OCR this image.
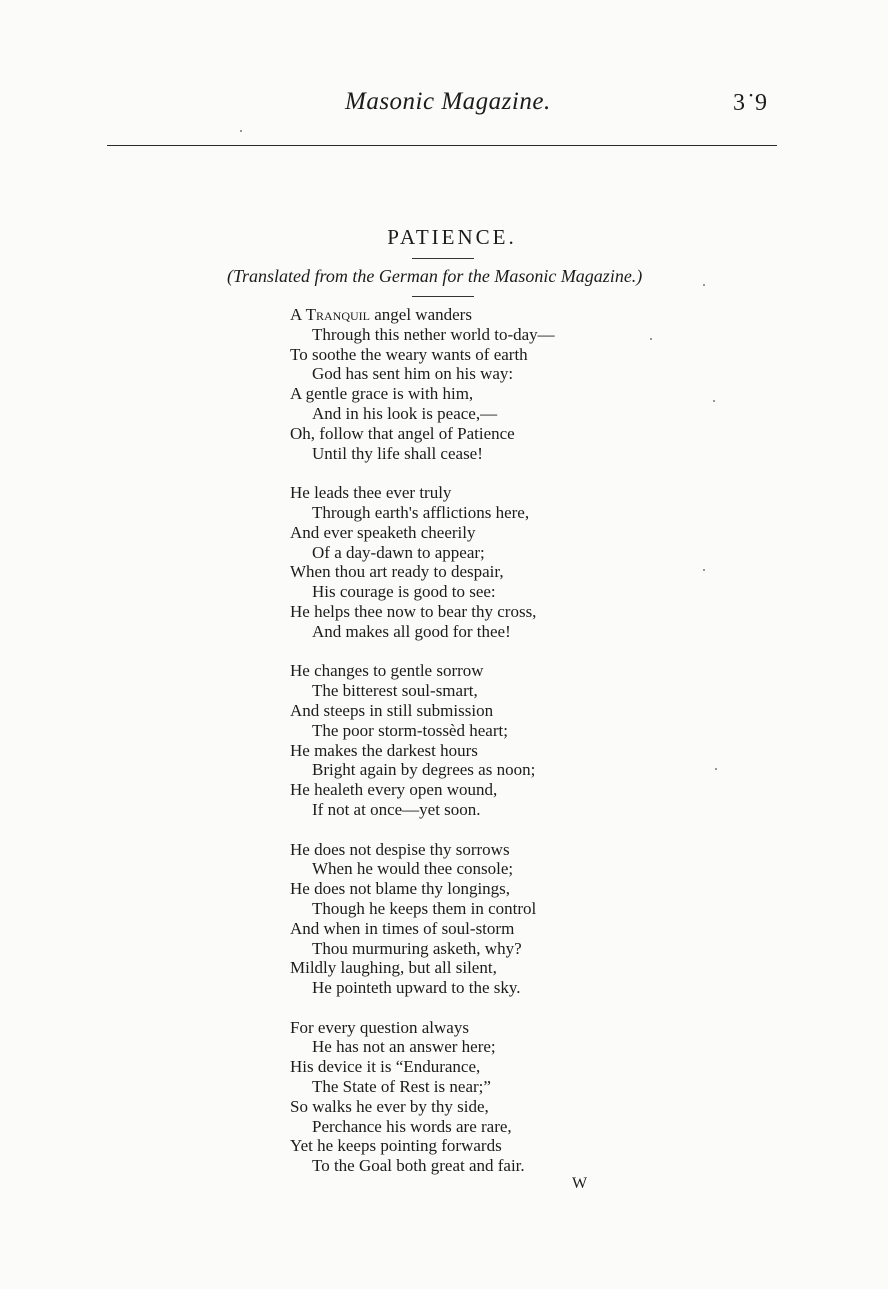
Masonic Magazine.	3 ˙9
PATIENCE.
(Translated from the German for the Masonic Magazine.)
A Tranquil angel wanders
Through this nether world to-day—
To soothe the weary wants of earth
God has sent him on his way:
A gentle grace is with him,
And in his look is peace,—
Oh, follow that angel of Patience
Until thy life shall cease!
He leads thee ever truly
Through earth's afflictions here,
And ever speaketh cheerily
Of a day-dawn to appear;
When thou art ready to despair,
His courage is good to see:
He helps thee now to bear thy cross,
And makes all good for thee!
He changes to gentle sorrow
The bitterest soul-smart,
And steeps in still submission
The poor storm-tossèd heart;
He makes the darkest hours
Bright again by degrees as noon;
He healeth every open wound,
If not at once—yet soon.
He does not despise thy sorrows
When he would thee console;
He does not blame thy longings,
Though he keeps them in control
And when in times of soul-storm
Thou murmuring asketh, why?
Mildly laughing, but all silent,
He pointeth upward to the sky.
For every question always
He has not an answer here;
His device it is “Endurance,
The State of Rest is near;”
So walks he ever by thy side,
Perchance his words are rare,
Yet he keeps pointing forwards
To the Goal both great and fair.
W
